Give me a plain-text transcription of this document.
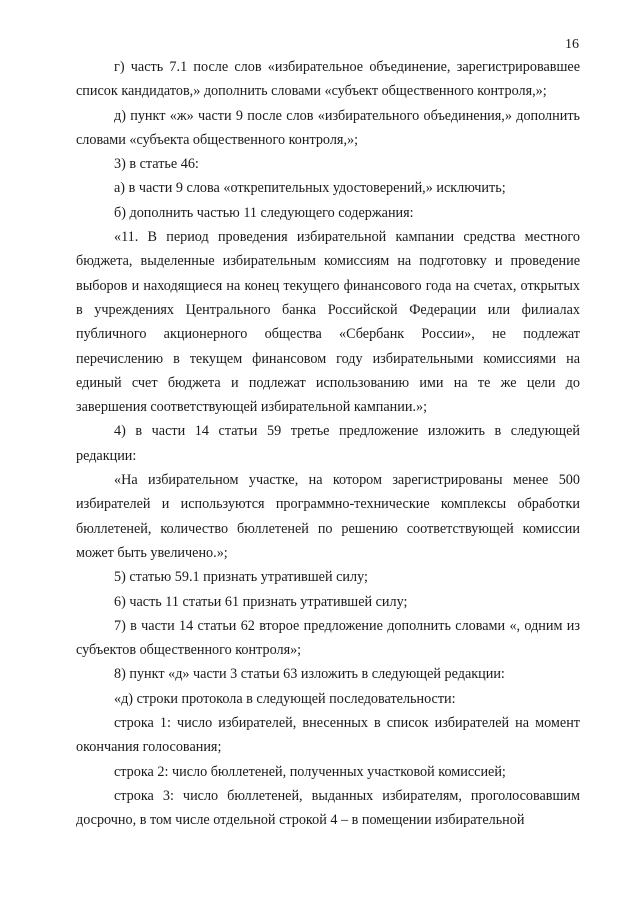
16

г) часть 7.1 после слов «избирательное объединение, зарегистрировавшее список кандидатов,» дополнить словами «субъект общественного контроля,»;

д) пункт «ж» части 9 после слов «избирательного объединения,» дополнить словами «субъекта общественного контроля,»;

3) в статье 46:

а) в части 9 слова «открепительных удостоверений,» исключить;

б) дополнить частью 11 следующего содержания:

«11. В период проведения избирательной кампании средства местного бюджета, выделенные избирательным комиссиям на подготовку и проведение выборов и находящиеся на конец текущего финансового года на счетах, открытых в учреждениях Центрального банка Российской Федерации или филиалах публичного акционерного общества «Сбербанк России», не подлежат перечислению в текущем финансовом году избирательными комиссиями на единый счет бюджета и подлежат использованию ими на те же цели до завершения соответствующей избирательной кампании.»;

4) в части 14 статьи 59 третье предложение изложить в следующей редакции:

«На избирательном участке, на котором зарегистрированы менее 500 избирателей и используются программно-технические комплексы обработки бюллетеней, количество бюллетеней по решению соответствующей комиссии может быть увеличено.»;

5) статью 59.1 признать утратившей силу;

6) часть 11 статьи 61 признать утратившей силу;

7) в части 14 статьи 62 второе предложение дополнить словами «, одним из субъектов общественного контроля»;

8) пункт «д» части 3 статьи 63 изложить в следующей редакции:

«д) строки протокола в следующей последовательности:

строка 1: число избирателей, внесенных в список избирателей на момент окончания голосования;

строка 2: число бюллетеней, полученных участковой комиссией;

строка 3: число бюллетеней, выданных избирателям, проголосовавшим досрочно, в том числе отдельной строкой 4 – в помещении избирательной
